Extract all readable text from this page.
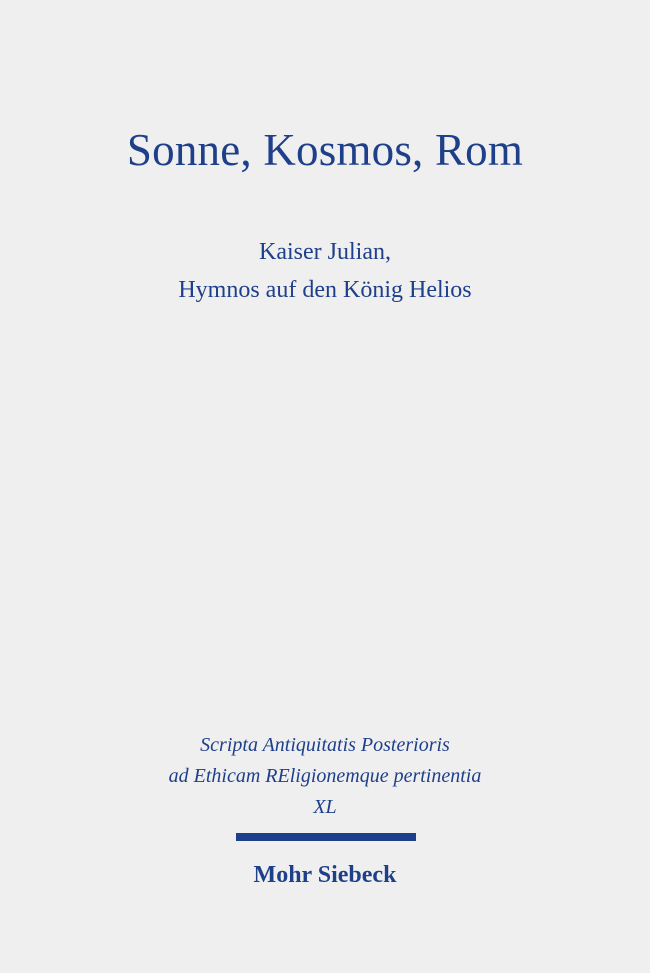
Sonne, Kosmos, Rom
Kaiser Julian,
Hymnos auf den König Helios
Scripta Antiquitatis Posterioris
ad Ethicam REligionemque pertinentia
XL
Mohr Siebeck
